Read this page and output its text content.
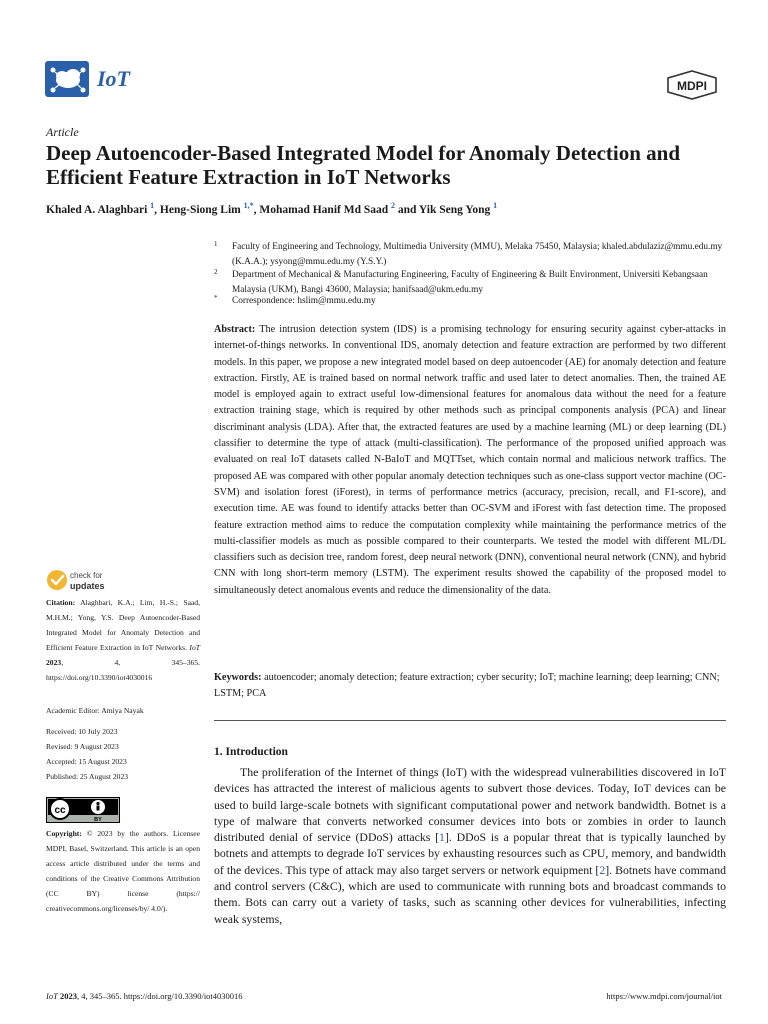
IoT	MDPI
Article
Deep Autoencoder-Based Integrated Model for Anomaly Detection and Efficient Feature Extraction in IoT Networks
Khaled A. Alaghbari $^1$, Heng-Siong Lim $^{1,*}$, Mohamad Hanif Md Saad $^2$ and Yik Seng Yong $^1$
1	Faculty of Engineering and Technology, Multimedia University (MMU), Melaka 75450, Malaysia; khaled.abdulaziz@mmu.edu.my (K.A.A.); ysyong@mmu.edu.my (Y.S.Y.)
2	Department of Mechanical & Manufacturing Engineering, Faculty of Engineering & Built Environment, Universiti Kebangsaan Malaysia (UKM), Bangi 43600, Malaysia; hanifsaad@ukm.edu.my
*	Correspondence: hslim@mmu.edu.my
Abstract: The intrusion detection system (IDS) is a promising technology for ensuring security against cyber-attacks in internet-of-things networks. In conventional IDS, anomaly detection and feature extraction are performed by two different models. In this paper, we propose a new integrated model based on deep autoencoder (AE) for anomaly detection and feature extraction. Firstly, AE is trained based on normal network traffic and used later to detect anomalies. Then, the trained AE model is employed again to extract useful low-dimensional features for anomalous data without the need for a feature extraction training stage, which is required by other methods such as principal components analysis (PCA) and linear discriminant analysis (LDA). After that, the extracted features are used by a machine learning (ML) or deep learning (DL) classifier to determine the type of attack (multi-classification). The performance of the proposed unified approach was evaluated on real IoT datasets called N-BaIoT and MQTTset, which contain normal and malicious network traffics. The proposed AE was compared with other popular anomaly detection techniques such as one-class support vector machine (OC-SVM) and isolation forest (iForest), in terms of performance metrics (accuracy, precision, recall, and F1-score), and execution time. AE was found to identify attacks better than OC-SVM and iForest with fast detection time. The proposed feature extraction method aims to reduce the computation complexity while maintaining the performance metrics of the multi-classifier models as much as possible compared to their counterparts. We tested the model with different ML/DL classifiers such as decision tree, random forest, deep neural network (DNN), conventional neural network (CNN), and hybrid CNN with long short-term memory (LSTM). The experiment results showed the capability of the proposed model to simultaneously detect anomalous events and reduce the dimensionality of the data.
Keywords: autoencoder; anomaly detection; feature extraction; cyber security; IoT; machine learning; deep learning; CNN; LSTM; PCA
check for
updates
Citation: Alaghbari, K.A.; Lim, H.-S.; Saad, M.H.M.; Yong, Y.S. Deep Autoencoder-Based Integrated Model for Anomaly Detection and Efficient Feature Extraction in IoT Networks. IoT 2023, 4, 345–365. https://doi.org/10.3390/iot4030016
Academic Editor: Amiya Nayak
Received: 10 July 2023
Revised: 9 August 2023
Accepted: 15 August 2023
Published: 25 August 2023
cc
BY
Copyright: © 2023 by the authors. Licensee MDPI, Basel, Switzerland. This article is an open access article distributed under the terms and conditions of the Creative Commons Attribution (CC BY) license (https:// creativecommons.org/licenses/by/ 4.0/).
1. Introduction
The proliferation of the Internet of things (IoT) with the widespread vulnerabilities discovered in IoT devices has attracted the interest of malicious agents to subvert those devices. Today, IoT devices can be used to build large-scale botnets with significant computational power and network bandwidth. Botnet is a type of malware that converts networked consumer devices into bots or zombies in order to launch distributed denial of service (DDoS) attacks [1]. DDoS is a popular threat that is typically launched by botnets and attempts to degrade IoT services by exhausting resources such as CPU, memory, and bandwidth of the devices. This type of attack may also target servers or network equipment [2]. Botnets have command and control servers (C&C), which are used to communicate with running bots and broadcast commands to them. Bots can carry out a variety of tasks, such as scanning other devices for vulnerabilities, infecting weak systems,
IoT 2023, 4, 345–365. https://doi.org/10.3390/iot4030016	https://www.mdpi.com/journal/iot
